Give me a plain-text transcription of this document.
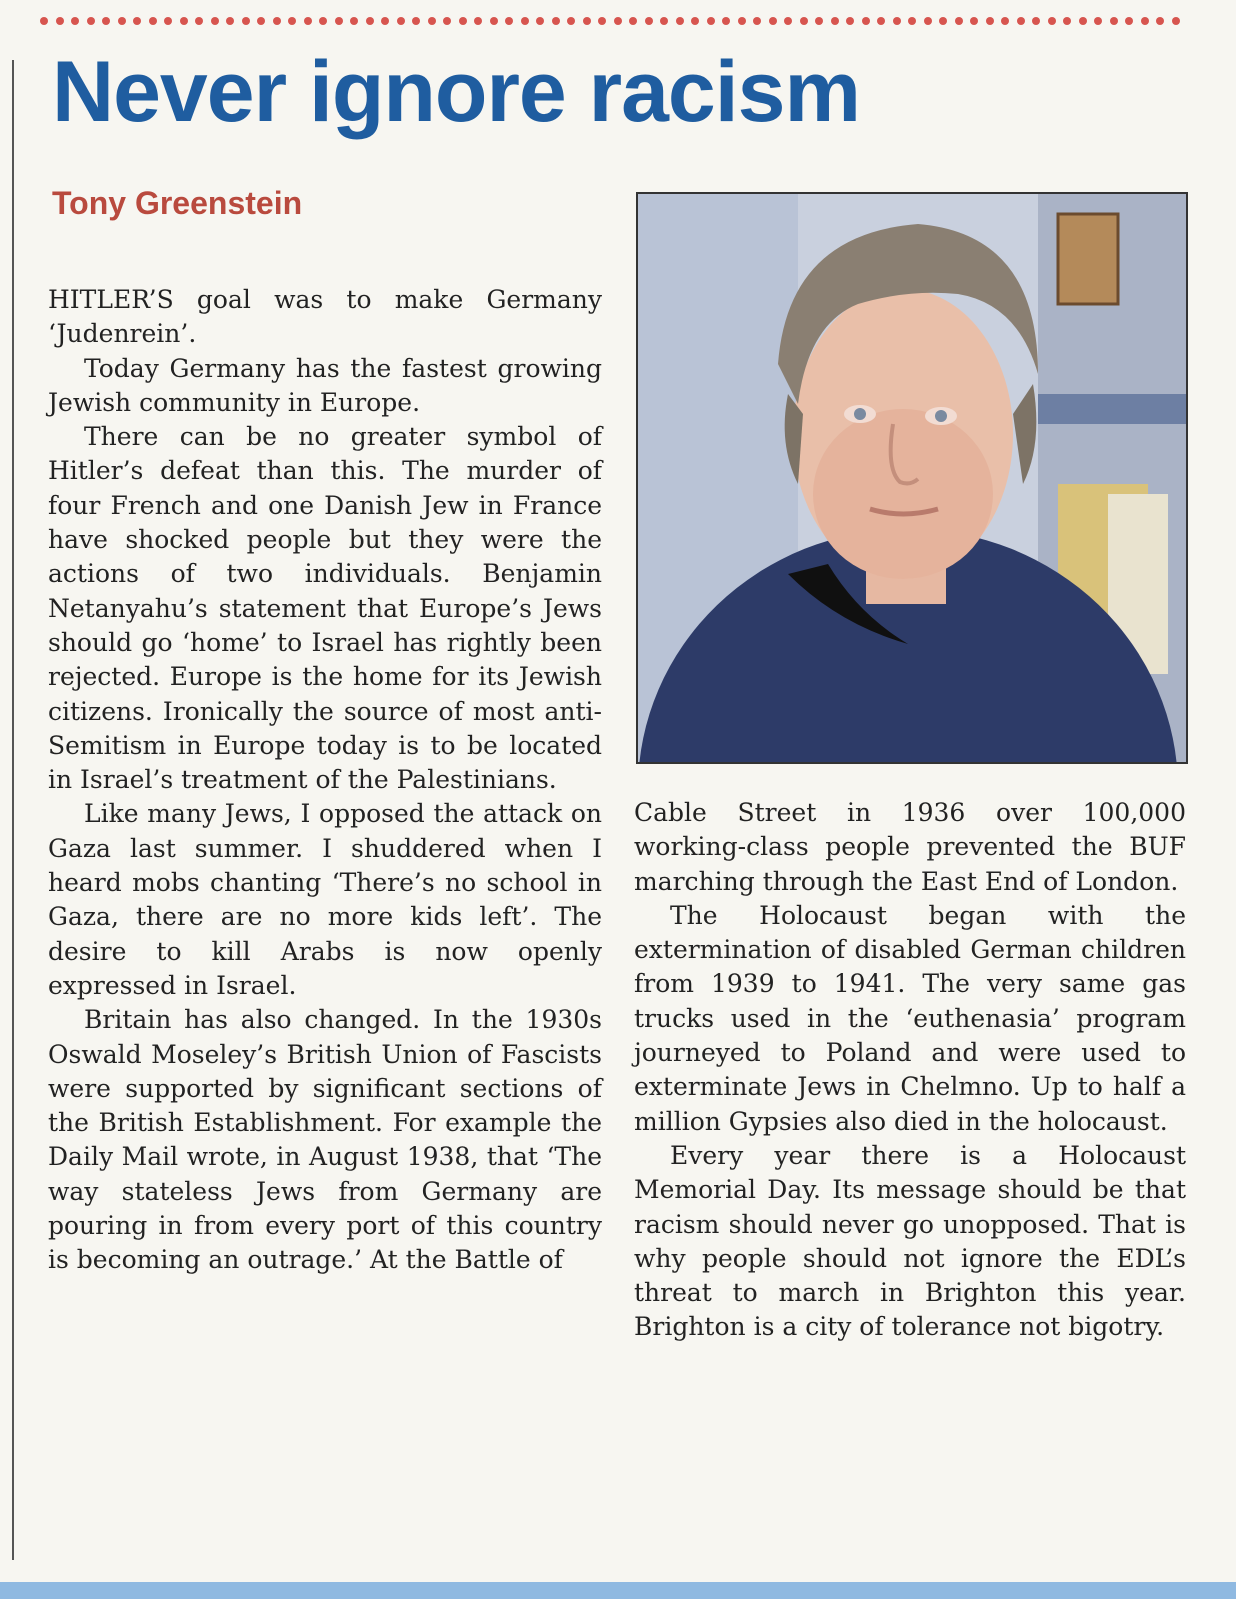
Never ignore racism
Tony Greenstein

HITLER’S goal was to make Germany ‘Judenrein’.

Today Germany has the fastest growing Jewish community in Europe.

There can be no greater symbol of Hitler’s defeat than this. The murder of four French and one Danish Jew in France have shocked people but they were the actions of two individuals. Benjamin Netanyahu’s statement that Europe’s Jews should go ‘home’ to Israel has rightly been rejected. Europe is the home for its Jewish citizens. Ironically the source of most anti-Semitism in Europe today is to be located in Israel’s treatment of the Palestinians.

Like many Jews, I opposed the attack on Gaza last summer. I shuddered when I heard mobs chanting ‘There’s no school in Gaza, there are no more kids left’. The desire to kill Arabs is now openly expressed in Israel.

Britain has also changed. In the 1930s Oswald Moseley’s British Union of Fascists were supported by significant sections of the British Establishment. For example the Daily Mail wrote, in August 1938, that ‘The way stateless Jews from Germany are pouring in from every port of this country is becoming an outrage.’ At the Battle of

Cable Street in 1936 over 100,000 working-class people prevented the BUF marching through the East End of London.

The Holocaust began with the extermination of disabled German children from 1939 to 1941. The very same gas trucks used in the ‘euthenasia’ program journeyed to Poland and were used to exterminate Jews in Chelmno. Up to half a million Gypsies also died in the holocaust.

Every year there is a Holocaust Memorial Day. Its message should be that racism should never go unopposed. That is why people should not ignore the EDL’s threat to march in Brighton this year. Brighton is a city of tolerance not bigotry.
